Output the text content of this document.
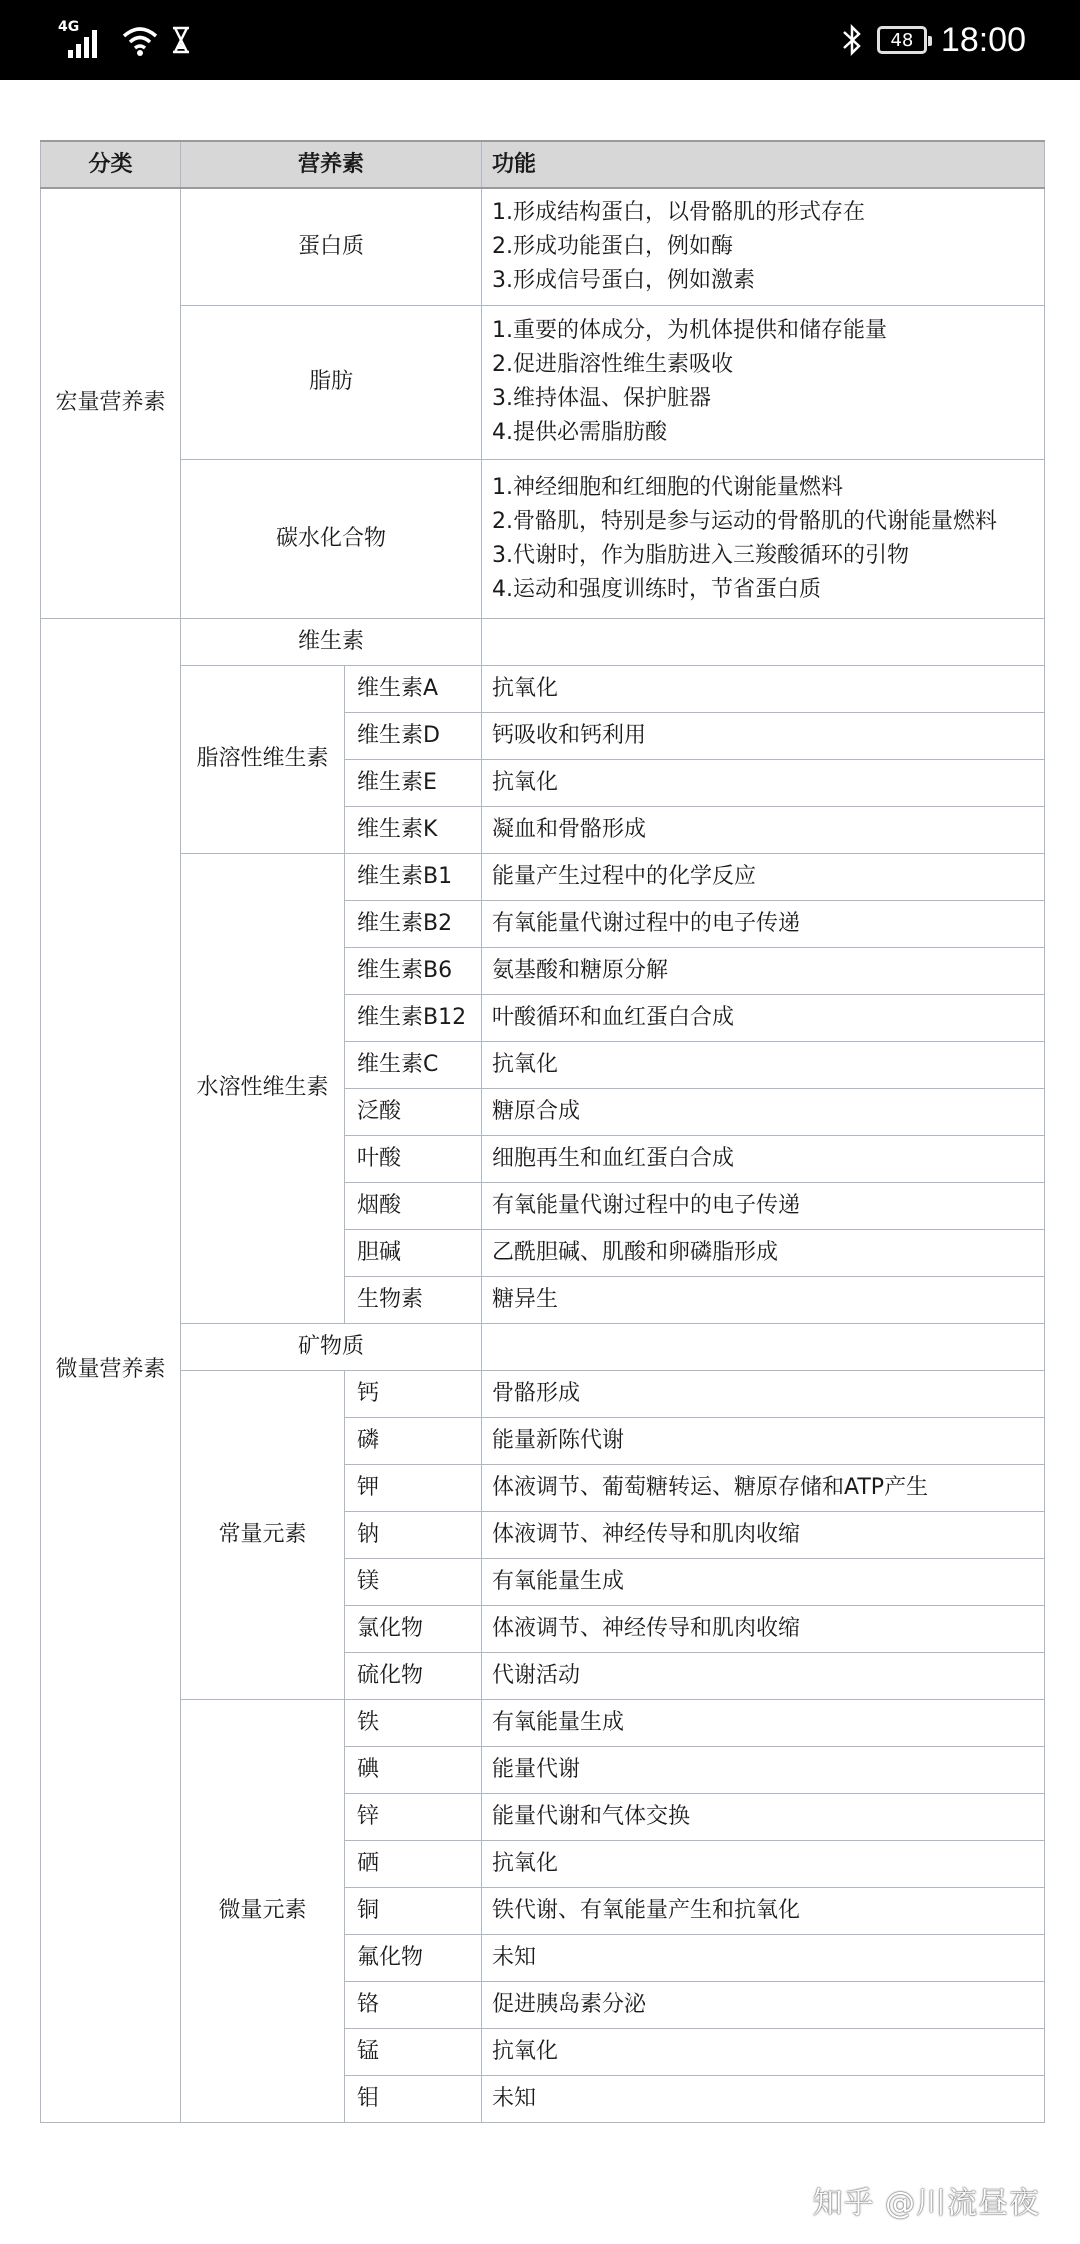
4G
48 18:00
分类	营养素		功能
宏量营养素	蛋白质		1.形成结构蛋白，以骨骼肌的形式存在
2.形成功能蛋白，例如酶
3.形成信号蛋白，例如激素

	脂肪		1.重要的体成分，为机体提供和储存能量
2.促进脂溶性维生素吸收
3.维持体温、保护脏器
4.提供必需脂肪酸

	碳水化合物		1.神经细胞和红细胞的代谢能量燃料
2.骨骼肌，特别是参与运动的骨骼肌的代谢能量燃料
3.代谢时，作为脂肪进入三羧酸循环的引物
4.运动和强度训练时，节省蛋白质

微量营养素	维生素		
	脂溶性维生素	维生素A	抗氧化
		维生素D	钙吸收和钙利用
		维生素E	抗氧化
		维生素K	凝血和骨骼形成
	水溶性维生素	维生素B1	能量产生过程中的化学反应
		维生素B2	有氧能量代谢过程中的电子传递
		维生素B6	氨基酸和糖原分解
		维生素B12	叶酸循环和血红蛋白合成
		维生素C	抗氧化
		泛酸	糖原合成
		叶酸	细胞再生和血红蛋白合成
		烟酸	有氧能量代谢过程中的电子传递
		胆碱	乙酰胆碱、肌酸和卵磷脂形成
		生物素	糖异生
	矿物质		
	常量元素	钙	骨骼形成
		磷	能量新陈代谢
		钾	体液调节、葡萄糖转运、糖原存储和ATP产生
		钠	体液调节、神经传导和肌肉收缩
		镁	有氧能量生成
		氯化物	体液调节、神经传导和肌肉收缩
		硫化物	代谢活动
	微量元素	铁	有氧能量生成
		碘	能量代谢
		锌	能量代谢和气体交换
		硒	抗氧化
		铜	铁代谢、有氧能量产生和抗氧化
		氟化物	未知
		铬	促进胰岛素分泌
		锰	抗氧化
		钼	未知
知乎 @川流昼夜
